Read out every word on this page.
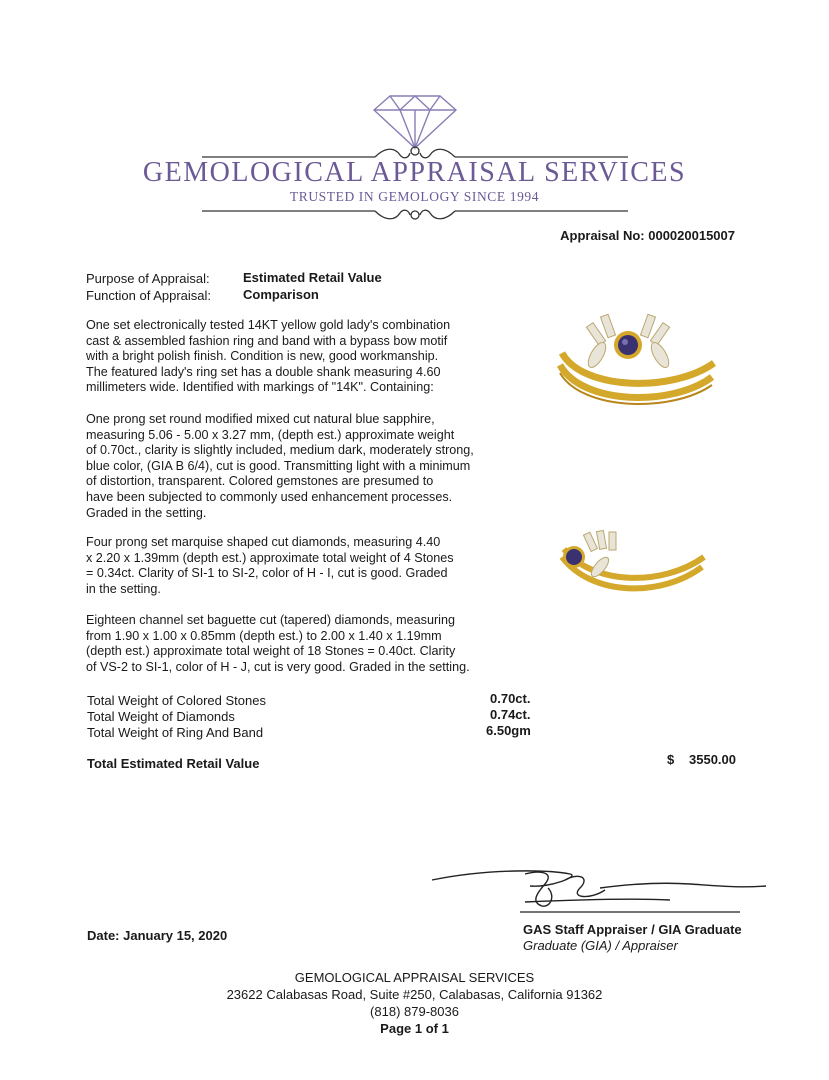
GEMOLOGICAL APPRAISAL SERVICES
TRUSTED IN GEMOLOGY SINCE 1994
Appraisal No: 000020015007
Purpose of Appraisal:	Estimated Retail Value
Function of Appraisal: Comparison
One set electronically tested 14KT yellow gold lady's combination
cast & assembled fashion ring and band with a bypass bow motif
with a bright polish finish. Condition is new, good workmanship.
The featured lady's ring set has a double shank measuring 4.60
millimeters wide. Identified with markings of "14K". Containing:
One prong set round modified mixed cut natural blue sapphire,
measuring 5.06 - 5.00 x 3.27 mm, (depth est.) approximate weight
of 0.70ct., clarity is slightly included, medium dark, moderately strong,
blue color, (GIA B 6/4), cut is good. Transmitting light with a minimum
of distortion, transparent. Colored gemstones are presumed to
have been subjected to commonly used enhancement processes.
Graded in the setting.
Four prong set marquise shaped cut diamonds, measuring 4.40
x 2.20 x 1.39mm (depth est.) approximate total weight of 4 Stones
= 0.34ct. Clarity of SI-1 to SI-2, color of H - I, cut is good. Graded
in the setting.
Eighteen channel set baguette cut (tapered) diamonds, measuring
from 1.90 x 1.00 x 0.85mm (depth est.) to 2.00 x 1.40 x 1.19mm
(depth est.) approximate total weight of 18 Stones = 0.40ct. Clarity
of VS-2 to SI-1, color of H - J, cut is very good. Graded in the setting.
Total Weight of Colored Stones	0.70ct.
Total Weight of Diamonds	0.74ct.
Total Weight of Ring And Band	6.50gm
Total Estimated Retail Value	$ 3550.00
GAS Staff Appraiser / GIA Graduate
Graduate (GIA) / Appraiser
Date: January 15, 2020
GEMOLOGICAL APPRAISAL SERVICES
23622 Calabasas Road, Suite #250, Calabasas, California 91362
(818) 879-8036
Page 1 of 1
